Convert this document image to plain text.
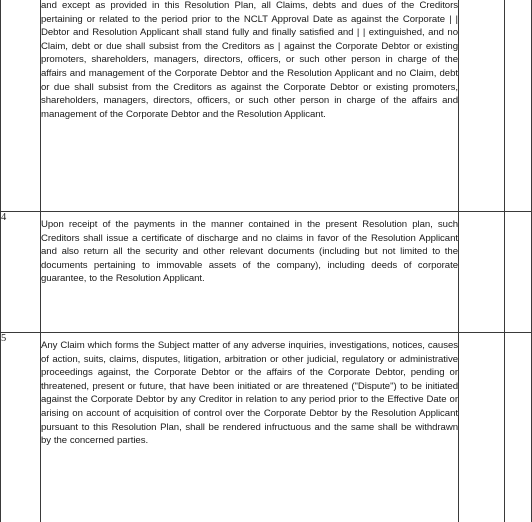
	and except as provided in this Resolution Plan, all Claims, debts and dues of the Creditors pertaining or related to the period prior to the NCLT Approval Date as against the Corporate | | Debtor and Resolution Applicant shall stand fully and finally satisfied and | | extinguished, and no Claim, debt or due shall subsist from the Creditors as | against the Corporate Debtor or existing promoters, shareholders, managers, directors, officers, or such other person in charge of the affairs and management of the Corporate Debtor and the Resolution Applicant and no Claim, debt or due shall subsist from the Creditors as against the Corporate Debtor or existing promoters, shareholders, managers, directors, officers, or such other person in charge of the affairs and management of the Corporate Debtor and the Resolution Applicant.		
4	Upon receipt of the payments in the manner contained in the present Resolution plan, such Creditors shall issue a certificate of discharge and no claims in favor of the Resolution Applicant and also return all the security and other relevant documents (including but not limited to the documents pertaining to immovable assets of the company), including deeds of corporate guarantee, to the Resolution Applicant.		
5	Any Claim which forms the Subject matter of any adverse inquiries, investigations, notices, causes of action, suits, claims, disputes, litigation, arbitration or other judicial, regulatory or administrative proceedings against, the Corporate Debtor or the affairs of the Corporate Debtor, pending or threatened, present or future, that have been initiated or are threatened ("Dispute") to be initiated against the Corporate Debtor by any Creditor in relation to any period prior to the Effective Date or arising on account of acquisition of control over the Corporate Debtor by the Resolution Applicant pursuant to this Resolution Plan, shall be rendered infructuous and the same shall be withdrawn by the concerned parties.		
